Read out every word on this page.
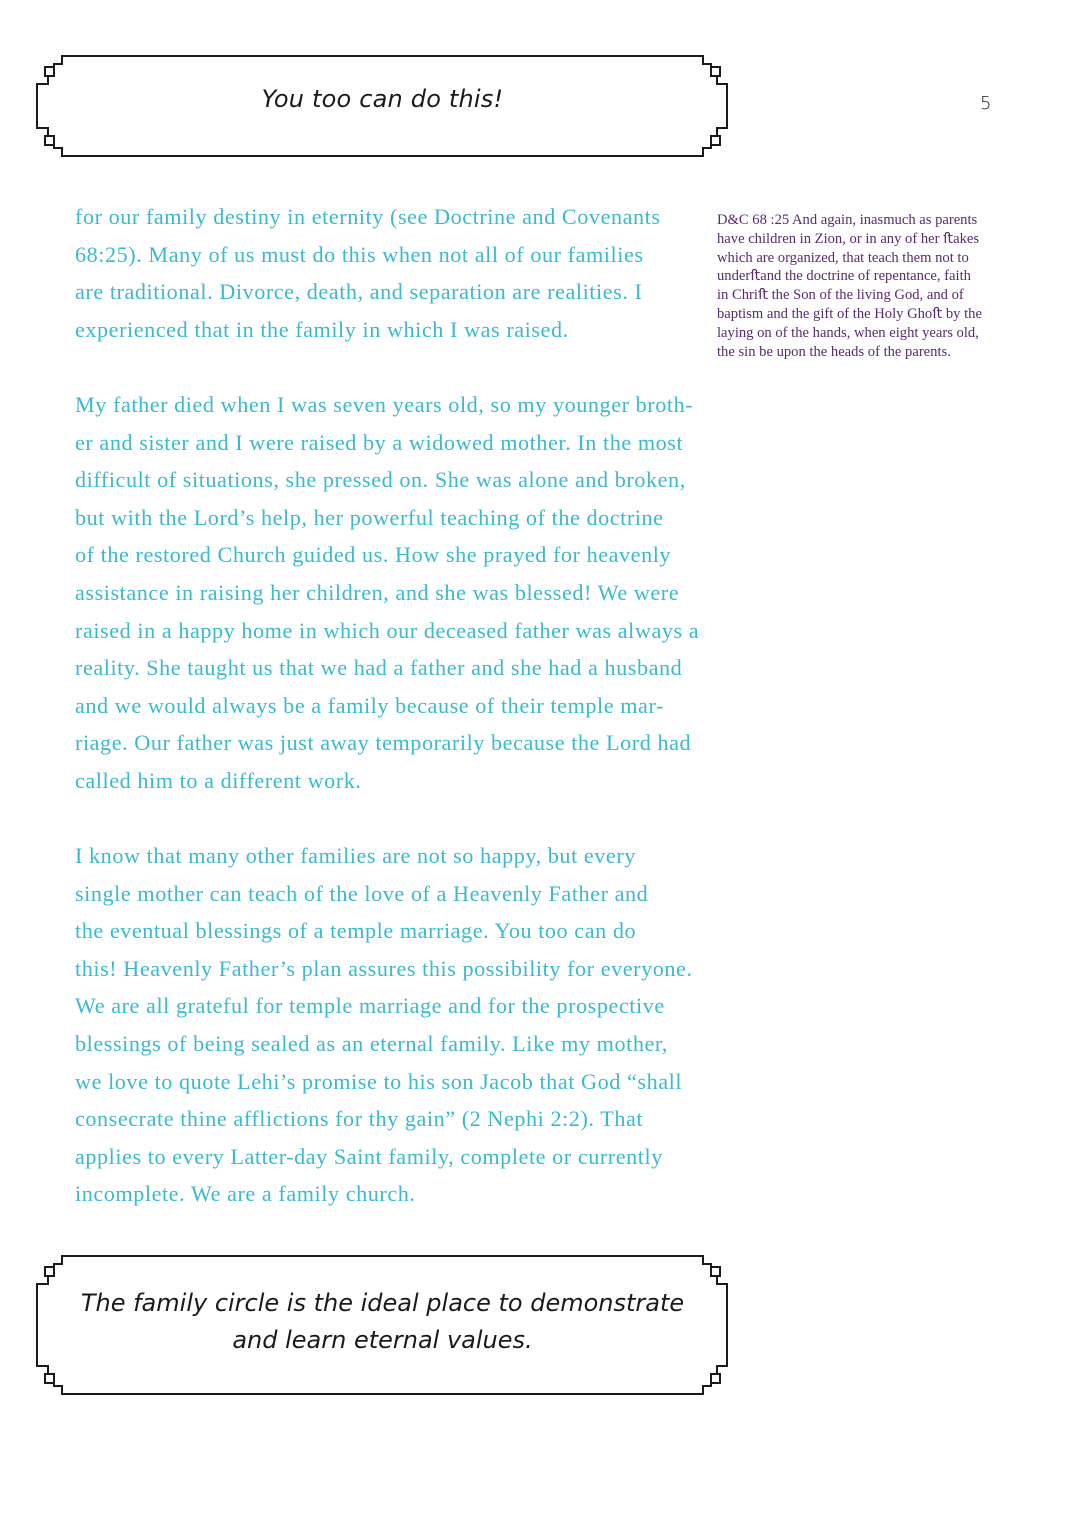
You too can do this!	5

for our family destiny in eternity (see Doctrine and Covenants
68:25). Many of us must do this when not all of our families
are traditional. Divorce, death, and separation are realities. I
experienced that in the family in which I was raised.

My father died when I was seven years old, so my younger broth-
er and sister and I were raised by a widowed mother. In the most
difficult of situations, she pressed on. She was alone and broken,
but with the Lord’s help, her powerful teaching of the doctrine
of the restored Church guided us. How she prayed for heavenly
assistance in raising her children, and she was blessed! We were
raised in a happy home in which our deceased father was always a
reality. She taught us that we had a father and she had a husband
and we would always be a family because of their temple mar-
riage. Our father was just away temporarily because the Lord had
called him to a different work.

I know that many other families are not so happy, but every
single mother can teach of the love of a Heavenly Father and
the eventual blessings of a temple marriage. You too can do
this! Heavenly Father’s plan assures this possibility for everyone.
We are all grateful for temple marriage and for the prospective
blessings of being sealed as an eternal family. Like my mother,
we love to quote Lehi’s promise to his son Jacob that God “shall
consecrate thine afflictions for thy gain” (2 Nephi 2:2). That
applies to every Latter-day Saint family, complete or currently
incomplete. We are a family church.

D&C 68 :25 And again, inasmuch as parents
have children in Zion, or in any of her ﬅakes
which are organized, that teach them not to
underﬅand the doctrine of repentance, faith
in Chriﬅ the Son of the living God, and of
baptism and the gift of the Holy Ghoﬅ by the
laying on of the hands, when eight years old,
the sin be upon the heads of the parents.
The family circle is the ideal place to demonstrate
and learn eternal values.
